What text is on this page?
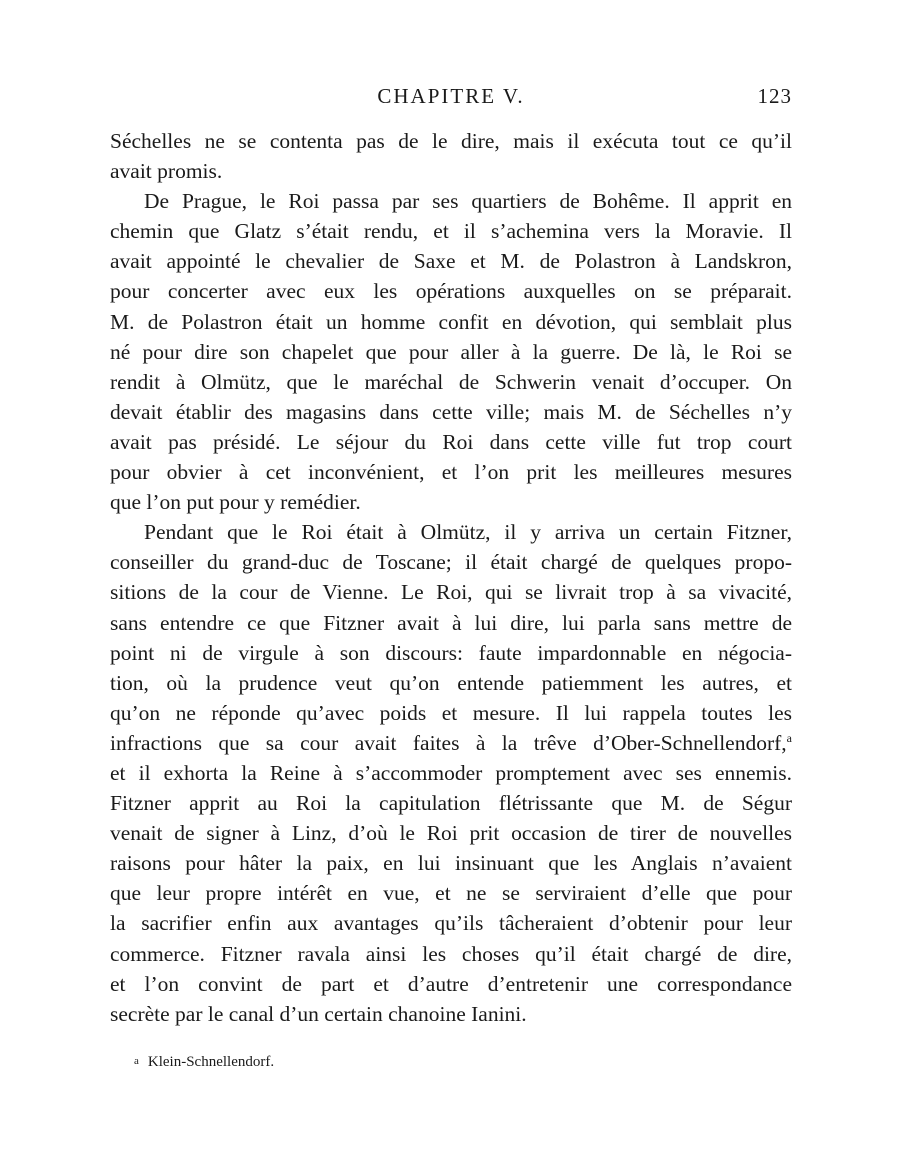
CHAPITRE V.	123
Séchelles ne se contenta pas de le dire, mais il exécuta tout ce qu’il
avait promis.
De Prague, le Roi passa par ses quartiers de Bohême. Il apprit en
chemin que Glatz s’était rendu, et il s’achemina vers la Moravie. Il
avait appointé le chevalier de Saxe et M. de Polastron à Landskron,
pour concerter avec eux les opérations auxquelles on se préparait.
M. de Polastron était un homme confit en dévotion, qui semblait plus
né pour dire son chapelet que pour aller à la guerre. De là, le Roi se
rendit à Olmütz, que le maréchal de Schwerin venait d’occuper. On
devait établir des magasins dans cette ville; mais M. de Séchelles n’y
avait pas présidé. Le séjour du Roi dans cette ville fut trop court
pour obvier à cet inconvénient, et l’on prit les meilleures mesures
que l’on put pour y remédier.
Pendant que le Roi était à Olmütz, il y arriva un certain Fitzner,
conseiller du grand-duc de Toscane; il était chargé de quelques propo-
sitions de la cour de Vienne. Le Roi, qui se livrait trop à sa vivacité,
sans entendre ce que Fitzner avait à lui dire, lui parla sans mettre de
point ni de virgule à son discours: faute impardonnable en négocia-
tion, où la prudence veut qu’on entende patiemment les autres, et
qu’on ne réponde qu’avec poids et mesure. Il lui rappela toutes les
infractions que sa cour avait faites à la trêve d’Ober-Schnellendorf,$^a$
et il exhorta la Reine à s’accommoder promptement avec ses ennemis.
Fitzner apprit au Roi la capitulation flétrissante que M. de Ségur
venait de signer à Linz, d’où le Roi prit occasion de tirer de nouvelles
raisons pour hâter la paix, en lui insinuant que les Anglais n’avaient
que leur propre intérêt en vue, et ne se serviraient d’elle que pour
la sacrifier enfin aux avantages qu’ils tâcheraient d’obtenir pour leur
commerce. Fitzner ravala ainsi les choses qu’il était chargé de dire,
et l’on convint de part et d’autre d’entretenir une correspondance
secrète par le canal d’un certain chanoine Ianini.
a Klein-Schnellendorf.
